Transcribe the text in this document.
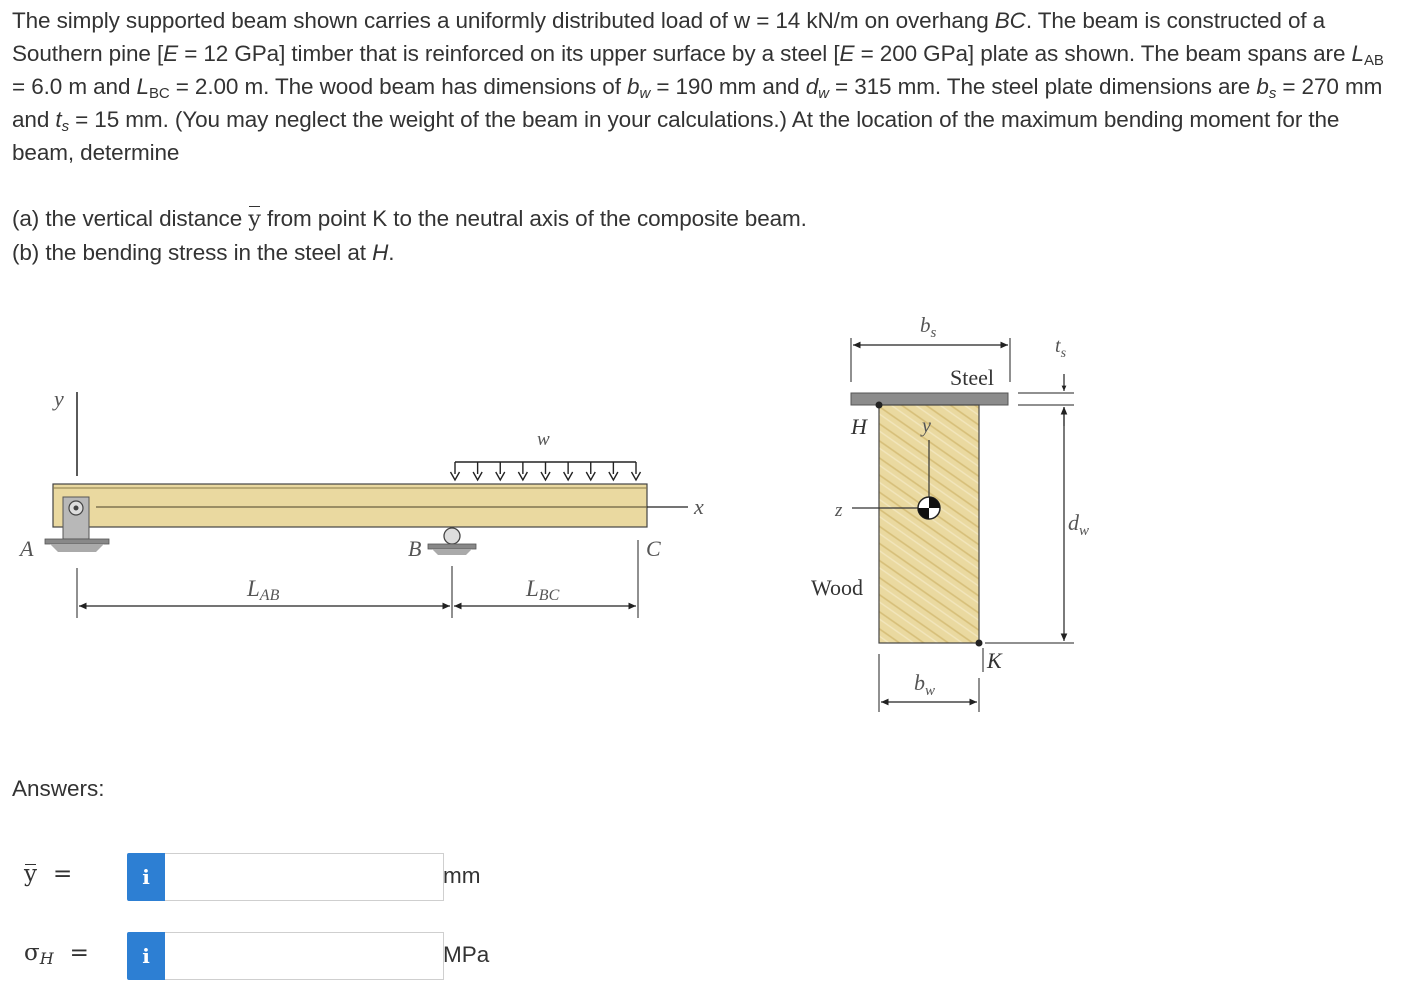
The simply supported beam shown carries a uniformly distributed load of w = 14 kN/m on overhang BC. The beam is constructed of a Southern pine [E = 12 GPa] timber that is reinforced on its upper surface by a steel [E = 200 GPa] plate as shown. The beam spans are $L_{AB} = 6.0$ m and $L_{BC} = 2.00$ m. The wood beam has dimensions of $b_w = 190$ mm and $d_w = 315$ mm. The steel plate dimensions are $b_s = 270$ mm and $t_s = 15$ mm. (You may neglect the weight of the beam in your calculations.) At the location of the maximum bending moment for the beam, determine

(a) the vertical distance y from point K to the neutral axis of the composite beam.

(b) the bending stress in the steel at H.

y
x
A	B	C
w
LAB	LBC
$b_s$
Steel
H	y
z
Wood
$t_s$
$d_w$
K
$b_w$
Answers:
y =	i	mm
σH =	i	MPa
